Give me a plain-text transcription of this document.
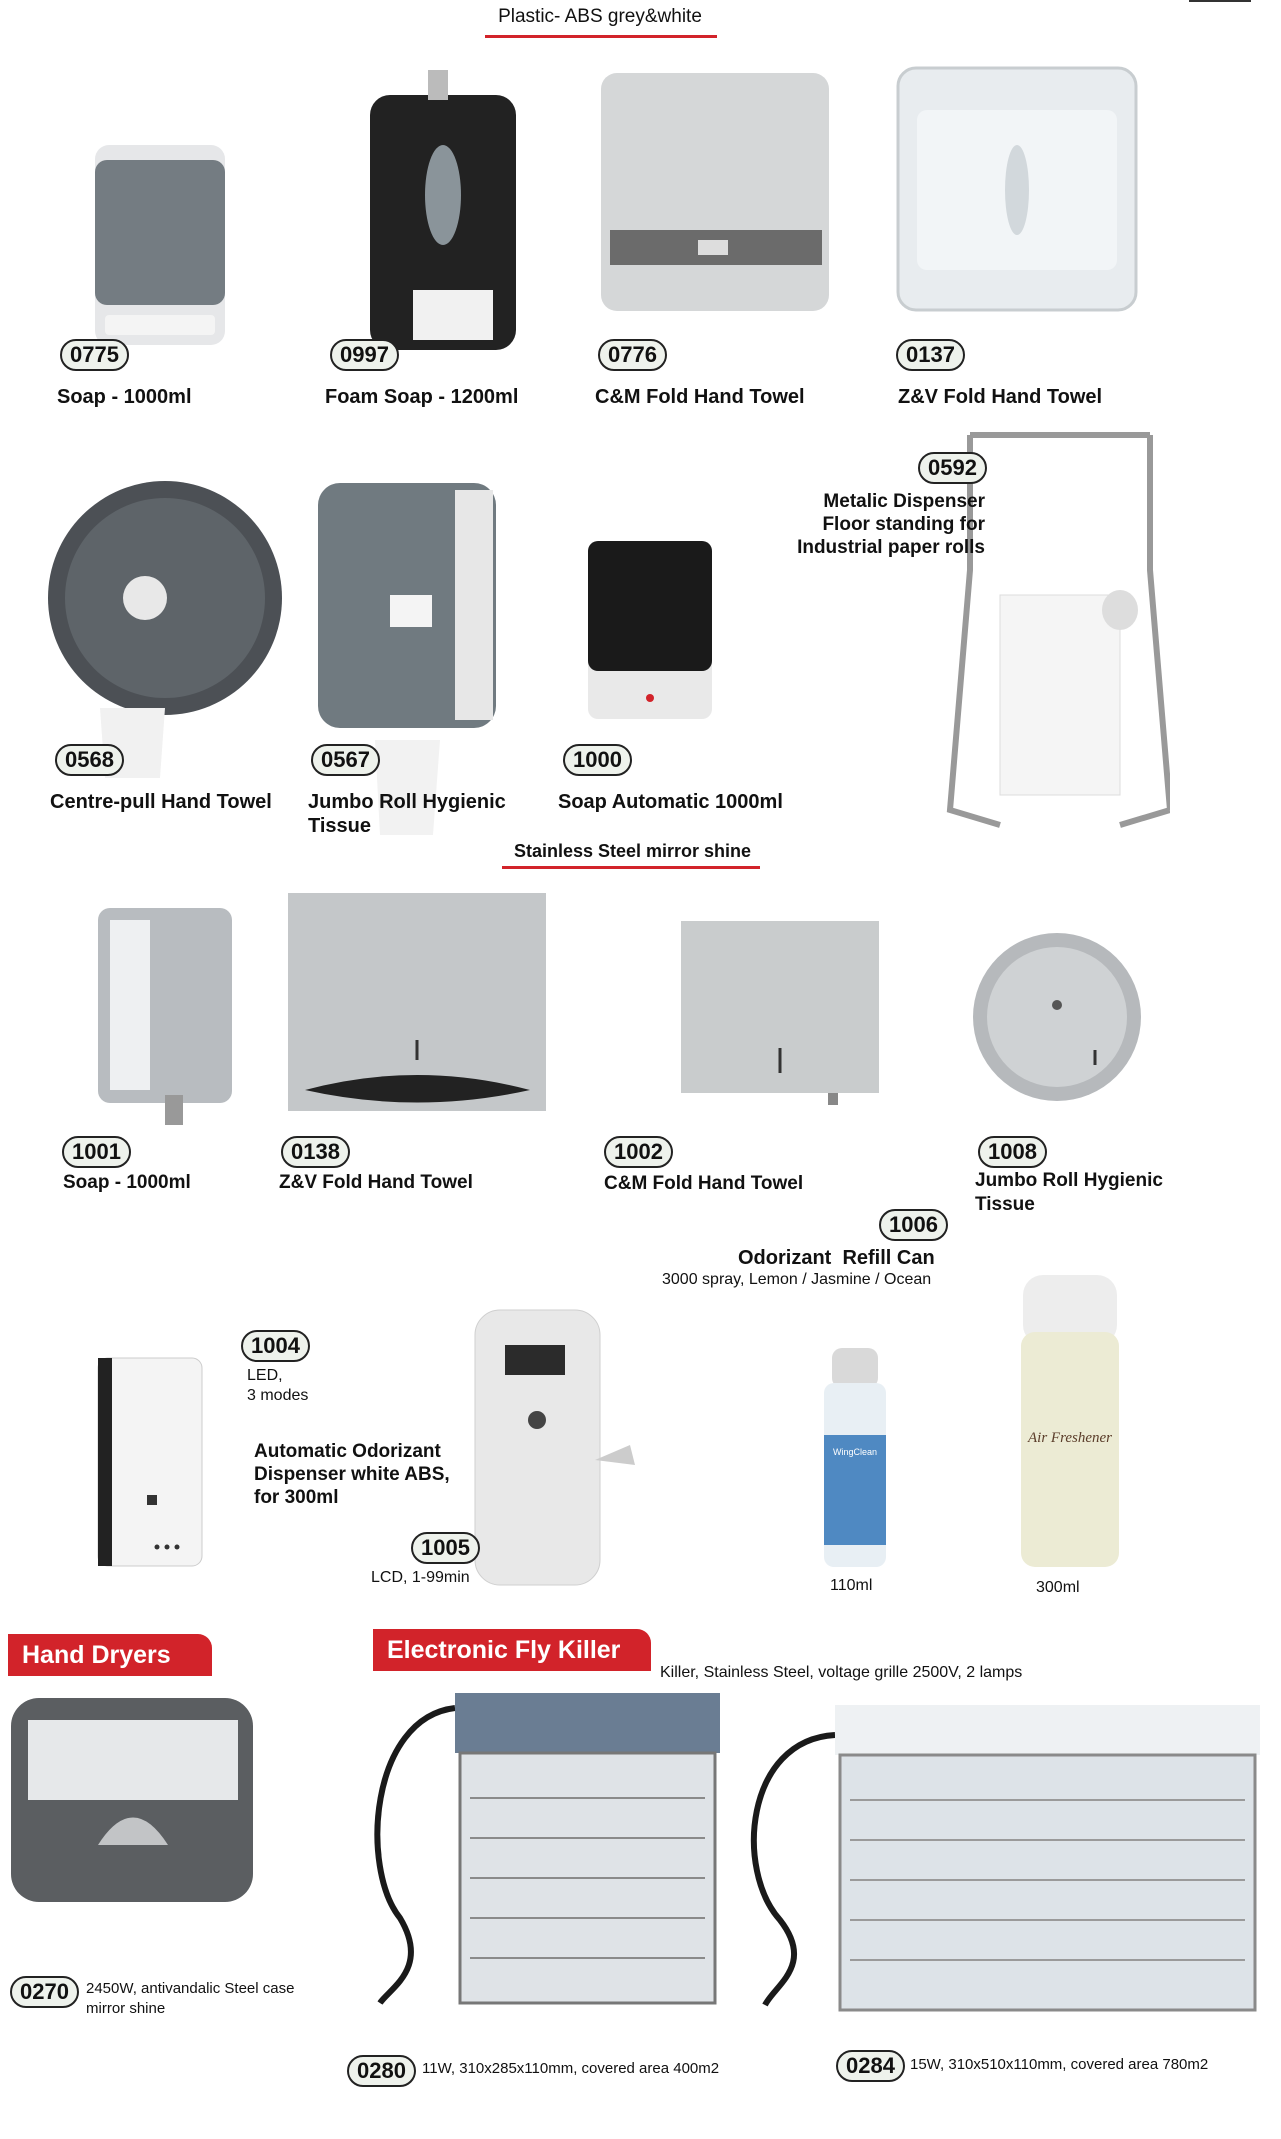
Plastic- ABS grey&white
0775
Soap - 1000ml
0997
Foam Soap - 1200ml
0776
C&M Fold Hand Towel
0137
Z&V Fold Hand Towel
0568
Centre-pull Hand Towel
0567
Jumbo Roll Hygienic Tissue
1000
Soap Automatic 1000ml
0592
Metalic Dispenser Floor standing for Industrial paper rolls
Stainless Steel mirror shine
1001
Soap - 1000ml
0138
Z&V Fold Hand Towel
1002
C&M Fold Hand Towel
1008
Jumbo Roll Hygienic Tissue
1006
Odorizant  Refill Can
3000 spray, Lemon / Jasmine / Ocean
1004
LED,
3 modes
Automatic Odorizant Dispenser white ABS, for 300ml
1005
LCD, 1-99min
WingClean
110ml
Air Freshener
300ml
Hand Dryers
0270	2450W, antivandalic Steel case
mirror shine
Electronic Fly Killer
Killer, Stainless Steel, voltage grille 2500V, 2 lamps
0280	11W, 310x285x110mm, covered area 400m2	0284	15W, 310x510x110mm, covered area 780m2
